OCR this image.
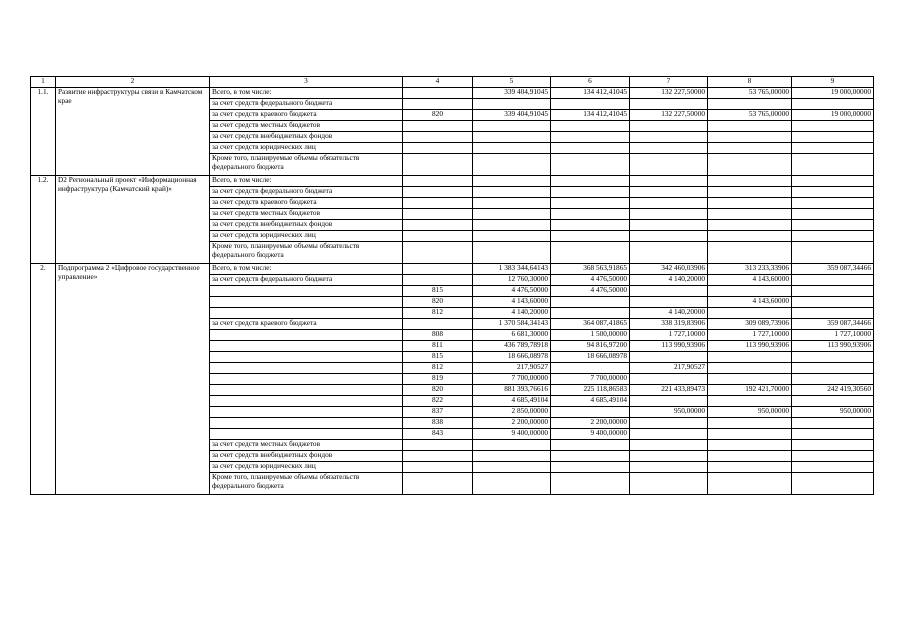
1	2	3	4	5	6	7	8	9
1.1.	Развитие инфраструктуры связи в Камчатском крае	Всего, в том числе:		339 404,91045	134 412,41045	132 227,50000	53 765,00000	19 000,00000
		за счет средств федерального бюджета						
		за счет средств краевого бюджета	820	339 404,91045	134 412,41045	132 227,50000	53 765,00000	19 000,00000
		за счет средств местных бюджетов						
		за счет средств внебюджетных фондов						
		за счет средств юридических лиц						
		Кроме того, планируемые объемы обязательств федерального бюджета						
1.2.	D2 Региональный проект «Информационная инфраструктура (Камчатский край)»	Всего, в том числе:						
		за счет средств федерального бюджета						
		за счет средств краевого бюджета						
		за счет средств местных бюджетов						
		за счет средств внебюджетных фондов						
		за счет средств юридических лиц						
		Кроме того, планируемые объемы обязательств федерального бюджета						
2.	Подпрограмма 2 «Цифровое государственное управление»	Всего, в том числе:		1 383 344,64143	368 563,91865	342 460,03906	313 233,33906	359 087,34466
		за счет средств федерального бюджета		12 760,30000	4 476,50000	4 140,20000	4 143,60000	
			815	4 476,50000	4 476,50000			
			820	4 143,60000			4 143,60000	
			812	4 140,20000		4 140,20000		
		за счет средств краевого бюджета		1 370 584,34143	364 087,41865	338 319,83906	309 089,73906	359 087,34466
			808	6 681,30000	1 500,00000	1 727,10000	1 727,10000	1 727,10000
			811	436 789,78918	94 816,97200	113 990,93906	113 990,93906	113 990,93906
			815	18 666,08978	18 666,08978			
			812	217,90527		217,90527		
			819	7 700,00000	7 700,00000			
			820	881 393,76616	225 118,86583	221 433,89473	192 421,70000	242 419,30560
			822	4 685,49104	4 685,49104			
			837	2 850,00000		950,00000	950,00000	950,00000
			838	2 200,00000	2 200,00000			
			843	9 400,00000	9 400,00000			
		за счет средств местных бюджетов						
		за счет средств внебюджетных фондов						
		за счет средств юридических лиц						
		Кроме того, планируемые объемы обязательств федерального бюджета						
